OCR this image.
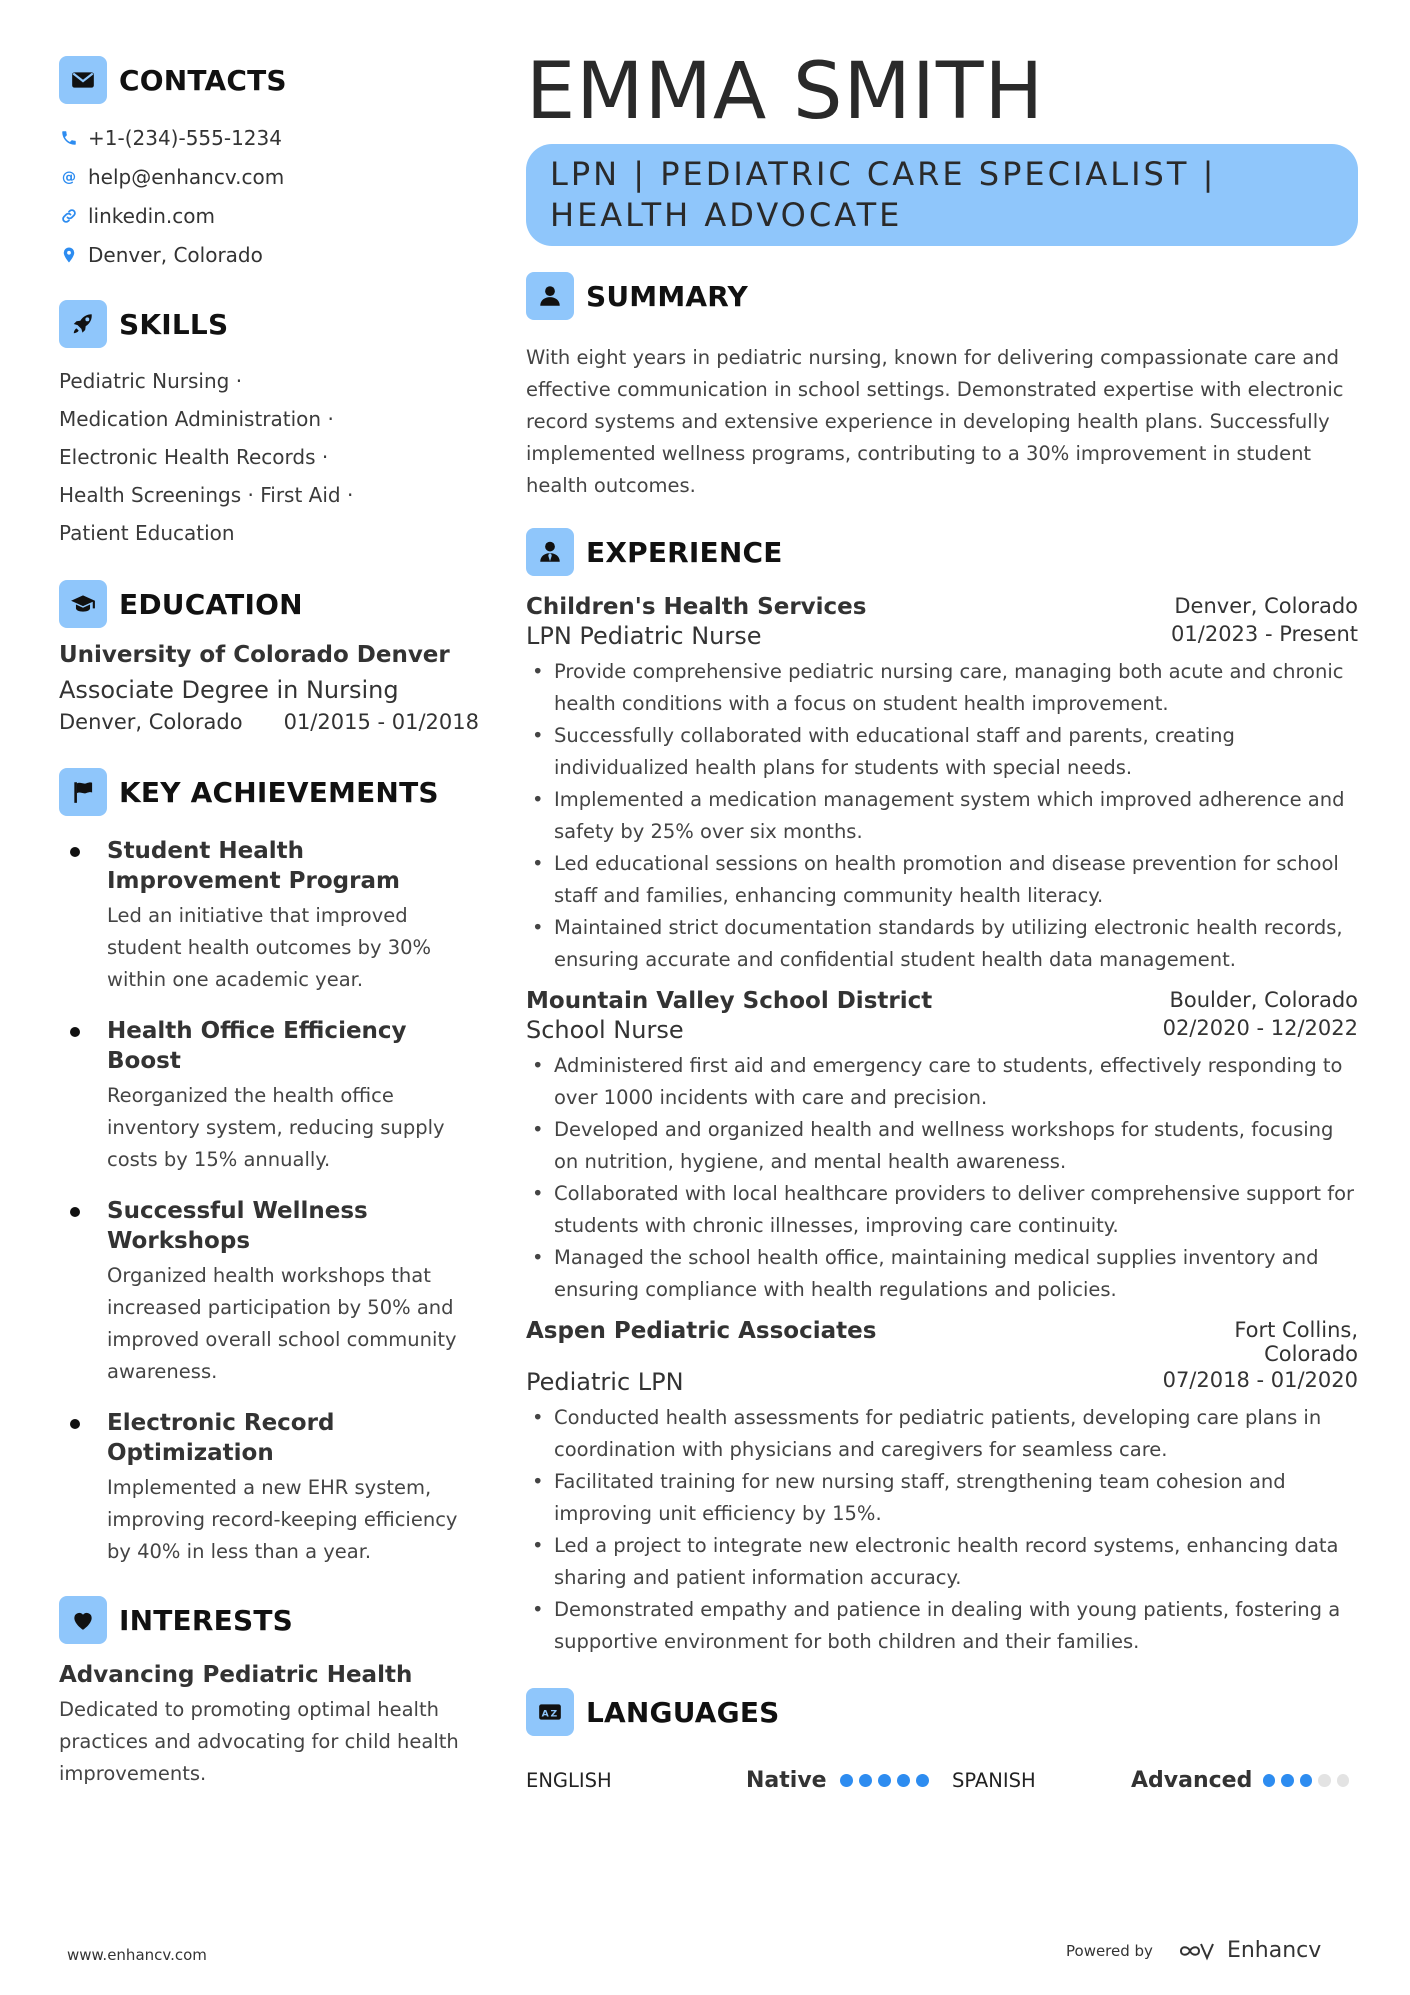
CONTACTS
+1-(234)-555-1234
@ help@enhancv.com
linkedin.com
Denver, Colorado
SKILLS
Pediatric Nursing ·
Medication Administration ·
Electronic Health Records ·
Health Screenings · First Aid ·
Patient Education
EDUCATION
University of Colorado Denver
Associate Degree in Nursing
Denver, Colorado 01/2015 - 01/2018
KEY ACHIEVEMENTS
Student Health Improvement Program
Led an initiative that improved student health outcomes by 30% within one academic year.
Health Office Efficiency Boost
Reorganized the health office inventory system, reducing supply costs by 15% annually.
Successful Wellness Workshops
Organized health workshops that increased participation by 50% and improved overall school community awareness.
Electronic Record Optimization
Implemented a new EHR system, improving record-keeping efficiency by 40% in less than a year.
INTERESTS
Advancing Pediatric Health
Dedicated to promoting optimal health practices and advocating for child health improvements.
EMMA SMITH
LPN | PEDIATRIC CARE SPECIALIST |
HEALTH ADVOCATE
SUMMARY
With eight years in pediatric nursing, known for delivering compassionate care and effective communication in school settings. Demonstrated expertise with electronic record systems and extensive experience in developing health plans. Successfully implemented wellness programs, contributing to a 30% improvement in student health outcomes.
EXPERIENCE
Children's Health Services	Denver, Colorado
LPN Pediatric Nurse	01/2023 - Present
• Provide comprehensive pediatric nursing care, managing both acute and chronic health conditions with a focus on student health improvement.
• Successfully collaborated with educational staff and parents, creating individualized health plans for students with special needs.
• Implemented a medication management system which improved adherence and safety by 25% over six months.
• Led educational sessions on health promotion and disease prevention for school staff and families, enhancing community health literacy.
• Maintained strict documentation standards by utilizing electronic health records, ensuring accurate and confidential student health data management.
Mountain Valley School District	Boulder, Colorado
School Nurse	02/2020 - 12/2022
• Administered first aid and emergency care to students, effectively responding to over 1000 incidents with care and precision.
• Developed and organized health and wellness workshops for students, focusing on nutrition, hygiene, and mental health awareness.
• Collaborated with local healthcare providers to deliver comprehensive support for students with chronic illnesses, improving care continuity.
• Managed the school health office, maintaining medical supplies inventory and ensuring compliance with health regulations and policies.
Aspen Pediatric Associates	Fort Collins, Colorado
Pediatric LPN	07/2018 - 01/2020
• Conducted health assessments for pediatric patients, developing care plans in coordination with physicians and caregivers for seamless care.
• Facilitated training for new nursing staff, strengthening team cohesion and improving unit efficiency by 15%.
• Led a project to integrate new electronic health record systems, enhancing data sharing and patient information accuracy.
• Demonstrated empathy and patience in dealing with young patients, fostering a supportive environment for both children and their families.
A Z LANGUAGES
ENGLISH	Native	SPANISH	Advanced
www.enhancv.com	Powered by	Enhancv
